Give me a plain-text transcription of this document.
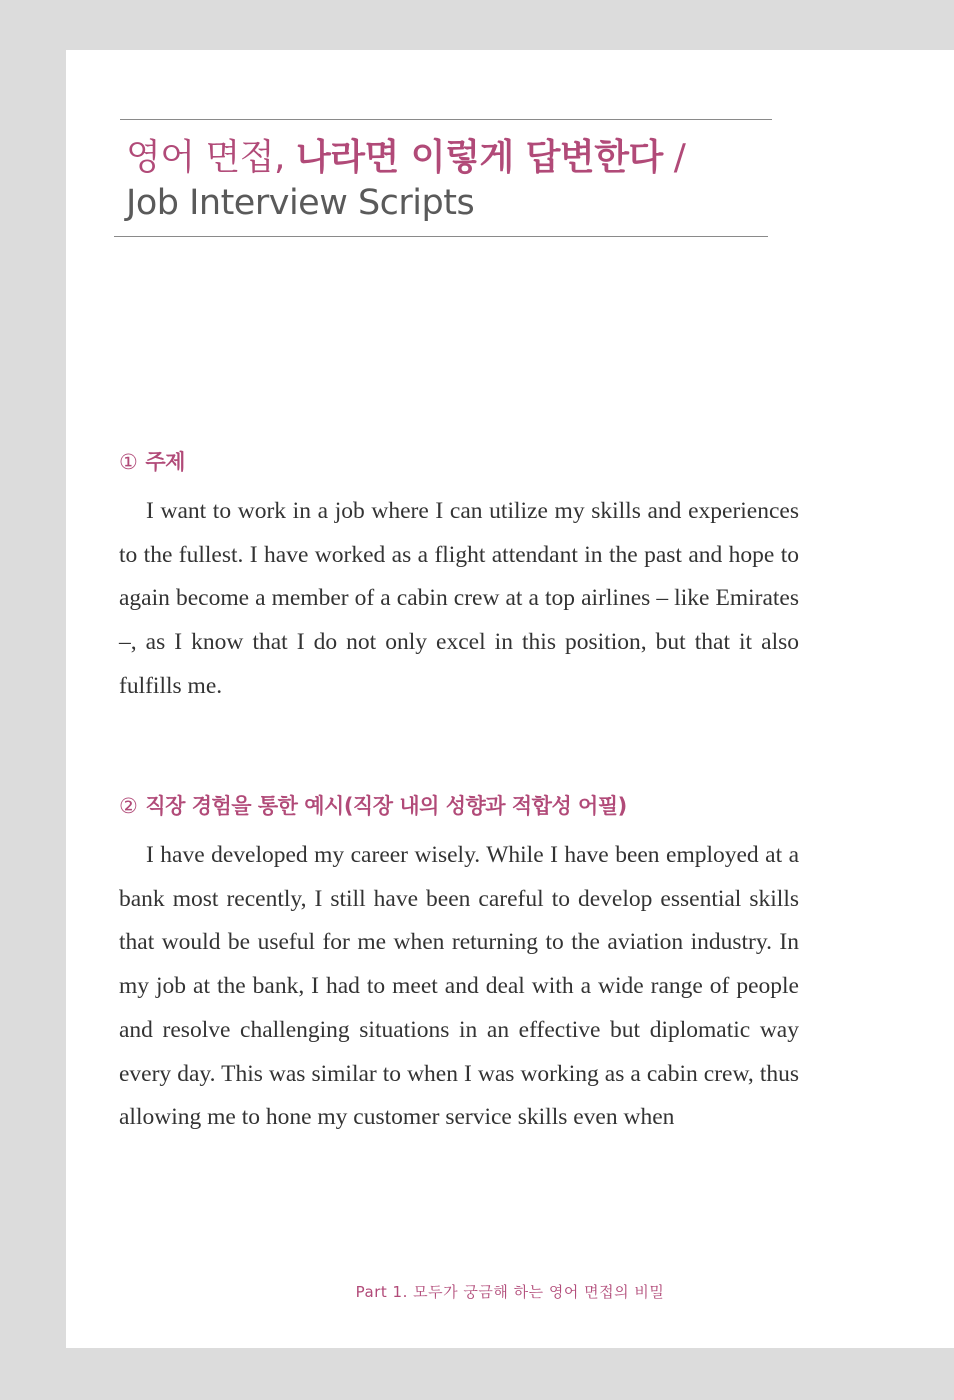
영어 면접, 나라면 이렇게 답변한다 /
Job Interview Scripts
① 주제

I want to work in a job where I can utilize my skills and experiences to the fullest. I have worked as a flight attendant in the past and hope to again become a member of a cabin crew at a top airlines – like Emirates –, as I know that I do not only excel in this position, but that it also fulfills me.

② 직장 경험을 통한 예시(직장 내의 성향과 적합성 어필)

I have developed my career wisely. While I have been employed at a bank most recently, I still have been careful to develop essential skills that would be useful for me when returning to the aviation industry. In my job at the bank, I had to meet and deal with a wide range of people and resolve challenging situations in an effective but diplomatic way every day. This was similar to when I was working as a cabin crew, thus allowing me to hone my customer service skills even when

Part 1. 모두가 궁금해 하는 영어 면접의 비밀
